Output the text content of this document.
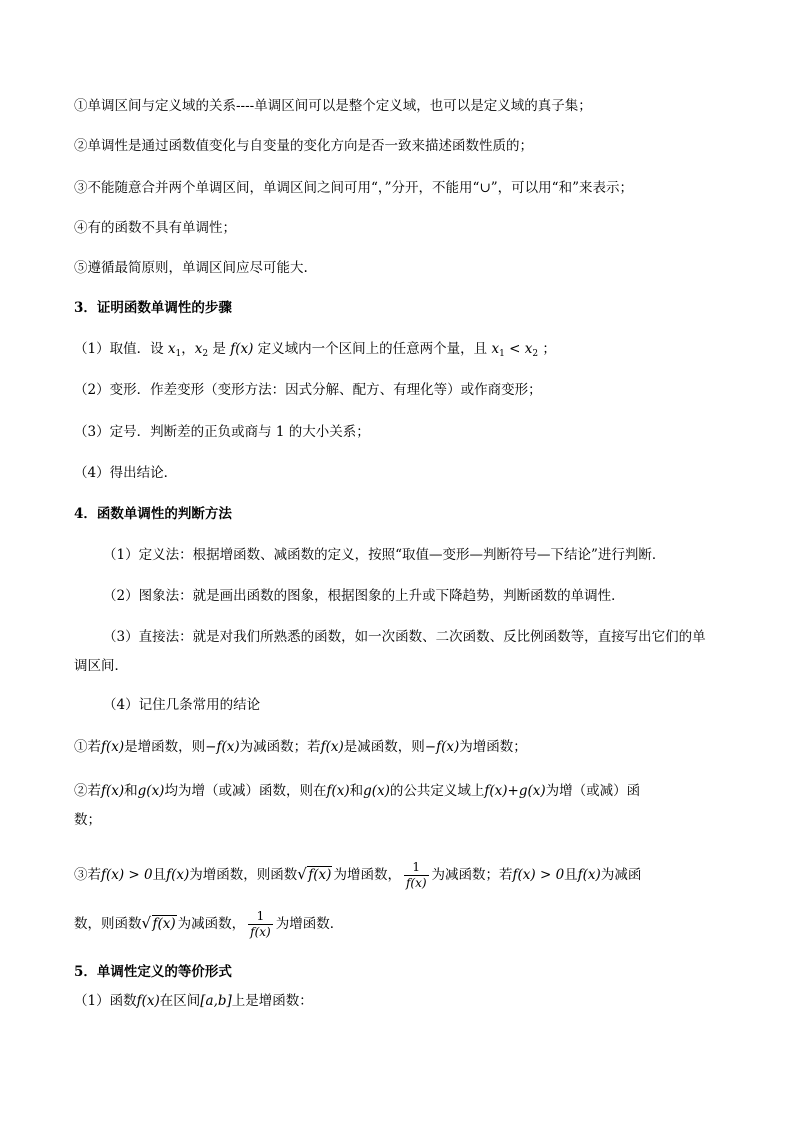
①单调区间与定义域的关系----单调区间可以是整个定义域，也可以是定义域的真子集；
②单调性是通过函数值变化与自变量的变化方向是否一致来描述函数性质的；
③不能随意合并两个单调区间，单调区间之间可用“，”分开，不能用“∪”，可以用“和”来表示；
④有的函数不具有单调性；
⑤遵循最简原则，单调区间应尽可能大.
3．证明函数单调性的步骤
（1）取值．设 $x_1$，$x_2$ 是 f(x) 定义域内一个区间上的任意两个量，且 $x_1 < x_2$ ；
（2）变形．作差变形（变形方法：因式分解、配方、有理化等）或作商变形；
（3）定号．判断差的正负或商与 1 的大小关系；
（4）得出结论．
4．函数单调性的判断方法
（1）定义法：根据增函数、减函数的定义，按照“取值—变形—判断符号—下结论”进行判断．
（2）图象法：就是画出函数的图象，根据图象的上升或下降趋势，判断函数的单调性．
（3）直接法：就是对我们所熟悉的函数，如一次函数、二次函数、反比例函数等，直接写出它们的单
调区间．
（4）记住几条常用的结论
①若f(x)是增函数，则−f(x)为减函数；若f(x)是减函数，则−f(x)为增函数；
②若f(x)和g(x)均为增（或减）函数，则在f(x)和g(x)的公共定义域上f(x)+g(x)为增（或减）函
数；
③若f(x) > 0且f(x)为增函数，则函数 √ f(x) 为增函数， $\frac{1}{f(x)}$ 为减函数；若f(x) > 0且f(x)为减函
数，则函数 √ f(x) 为减函数， $\frac{1}{f(x)}$ 为增函数．
5．单调性定义的等价形式
（1）函数f(x)在区间[a,b]上是增函数：
